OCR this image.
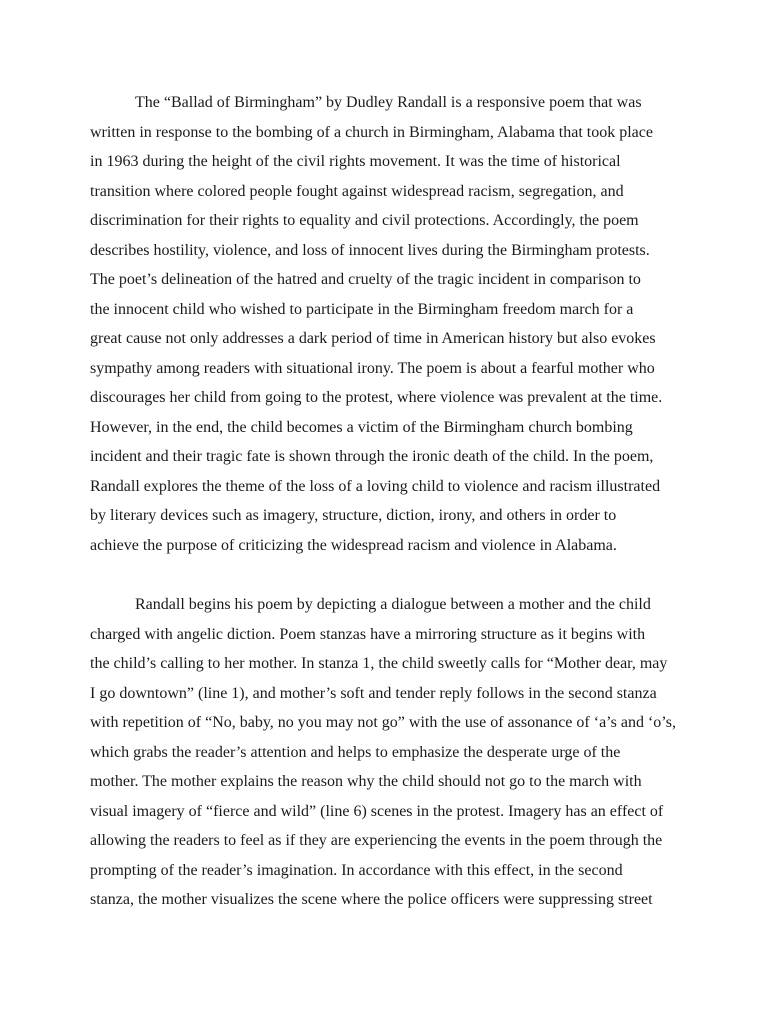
The “Ballad of Birmingham” by Dudley Randall is a responsive poem that was
written in response to the bombing of a church in Birmingham, Alabama that took place
in 1963 during the height of the civil rights movement. It was the time of historical
transition where colored people fought against widespread racism, segregation, and
discrimination for their rights to equality and civil protections. Accordingly, the poem
describes hostility, violence, and loss of innocent lives during the Birmingham protests.
The poet’s delineation of the hatred and cruelty of the tragic incident in comparison to
the innocent child who wished to participate in the Birmingham freedom march for a
great cause not only addresses a dark period of time in American history but also evokes
sympathy among readers with situational irony. The poem is about a fearful mother who
discourages her child from going to the protest, where violence was prevalent at the time.
However, in the end, the child becomes a victim of the Birmingham church bombing
incident and their tragic fate is shown through the ironic death of the child. In the poem,
Randall explores the theme of the loss of a loving child to violence and racism illustrated
by literary devices such as imagery, structure, diction, irony, and others in order to
achieve the purpose of criticizing the widespread racism and violence in Alabama.
Randall begins his poem by depicting a dialogue between a mother and the child
charged with angelic diction. Poem stanzas have a mirroring structure as it begins with
the child’s calling to her mother. In stanza 1, the child sweetly calls for “Mother dear, may
I go downtown” (line 1), and mother’s soft and tender reply follows in the second stanza
with repetition of “No, baby, no you may not go” with the use of assonance of ‘a’s and ‘o’s,
which grabs the reader’s attention and helps to emphasize the desperate urge of the
mother. The mother explains the reason why the child should not go to the march with
visual imagery of “fierce and wild” (line 6) scenes in the protest. Imagery has an effect of
allowing the readers to feel as if they are experiencing the events in the poem through the
prompting of the reader’s imagination. In accordance with this effect, in the second
stanza, the mother visualizes the scene where the police officers were suppressing street
